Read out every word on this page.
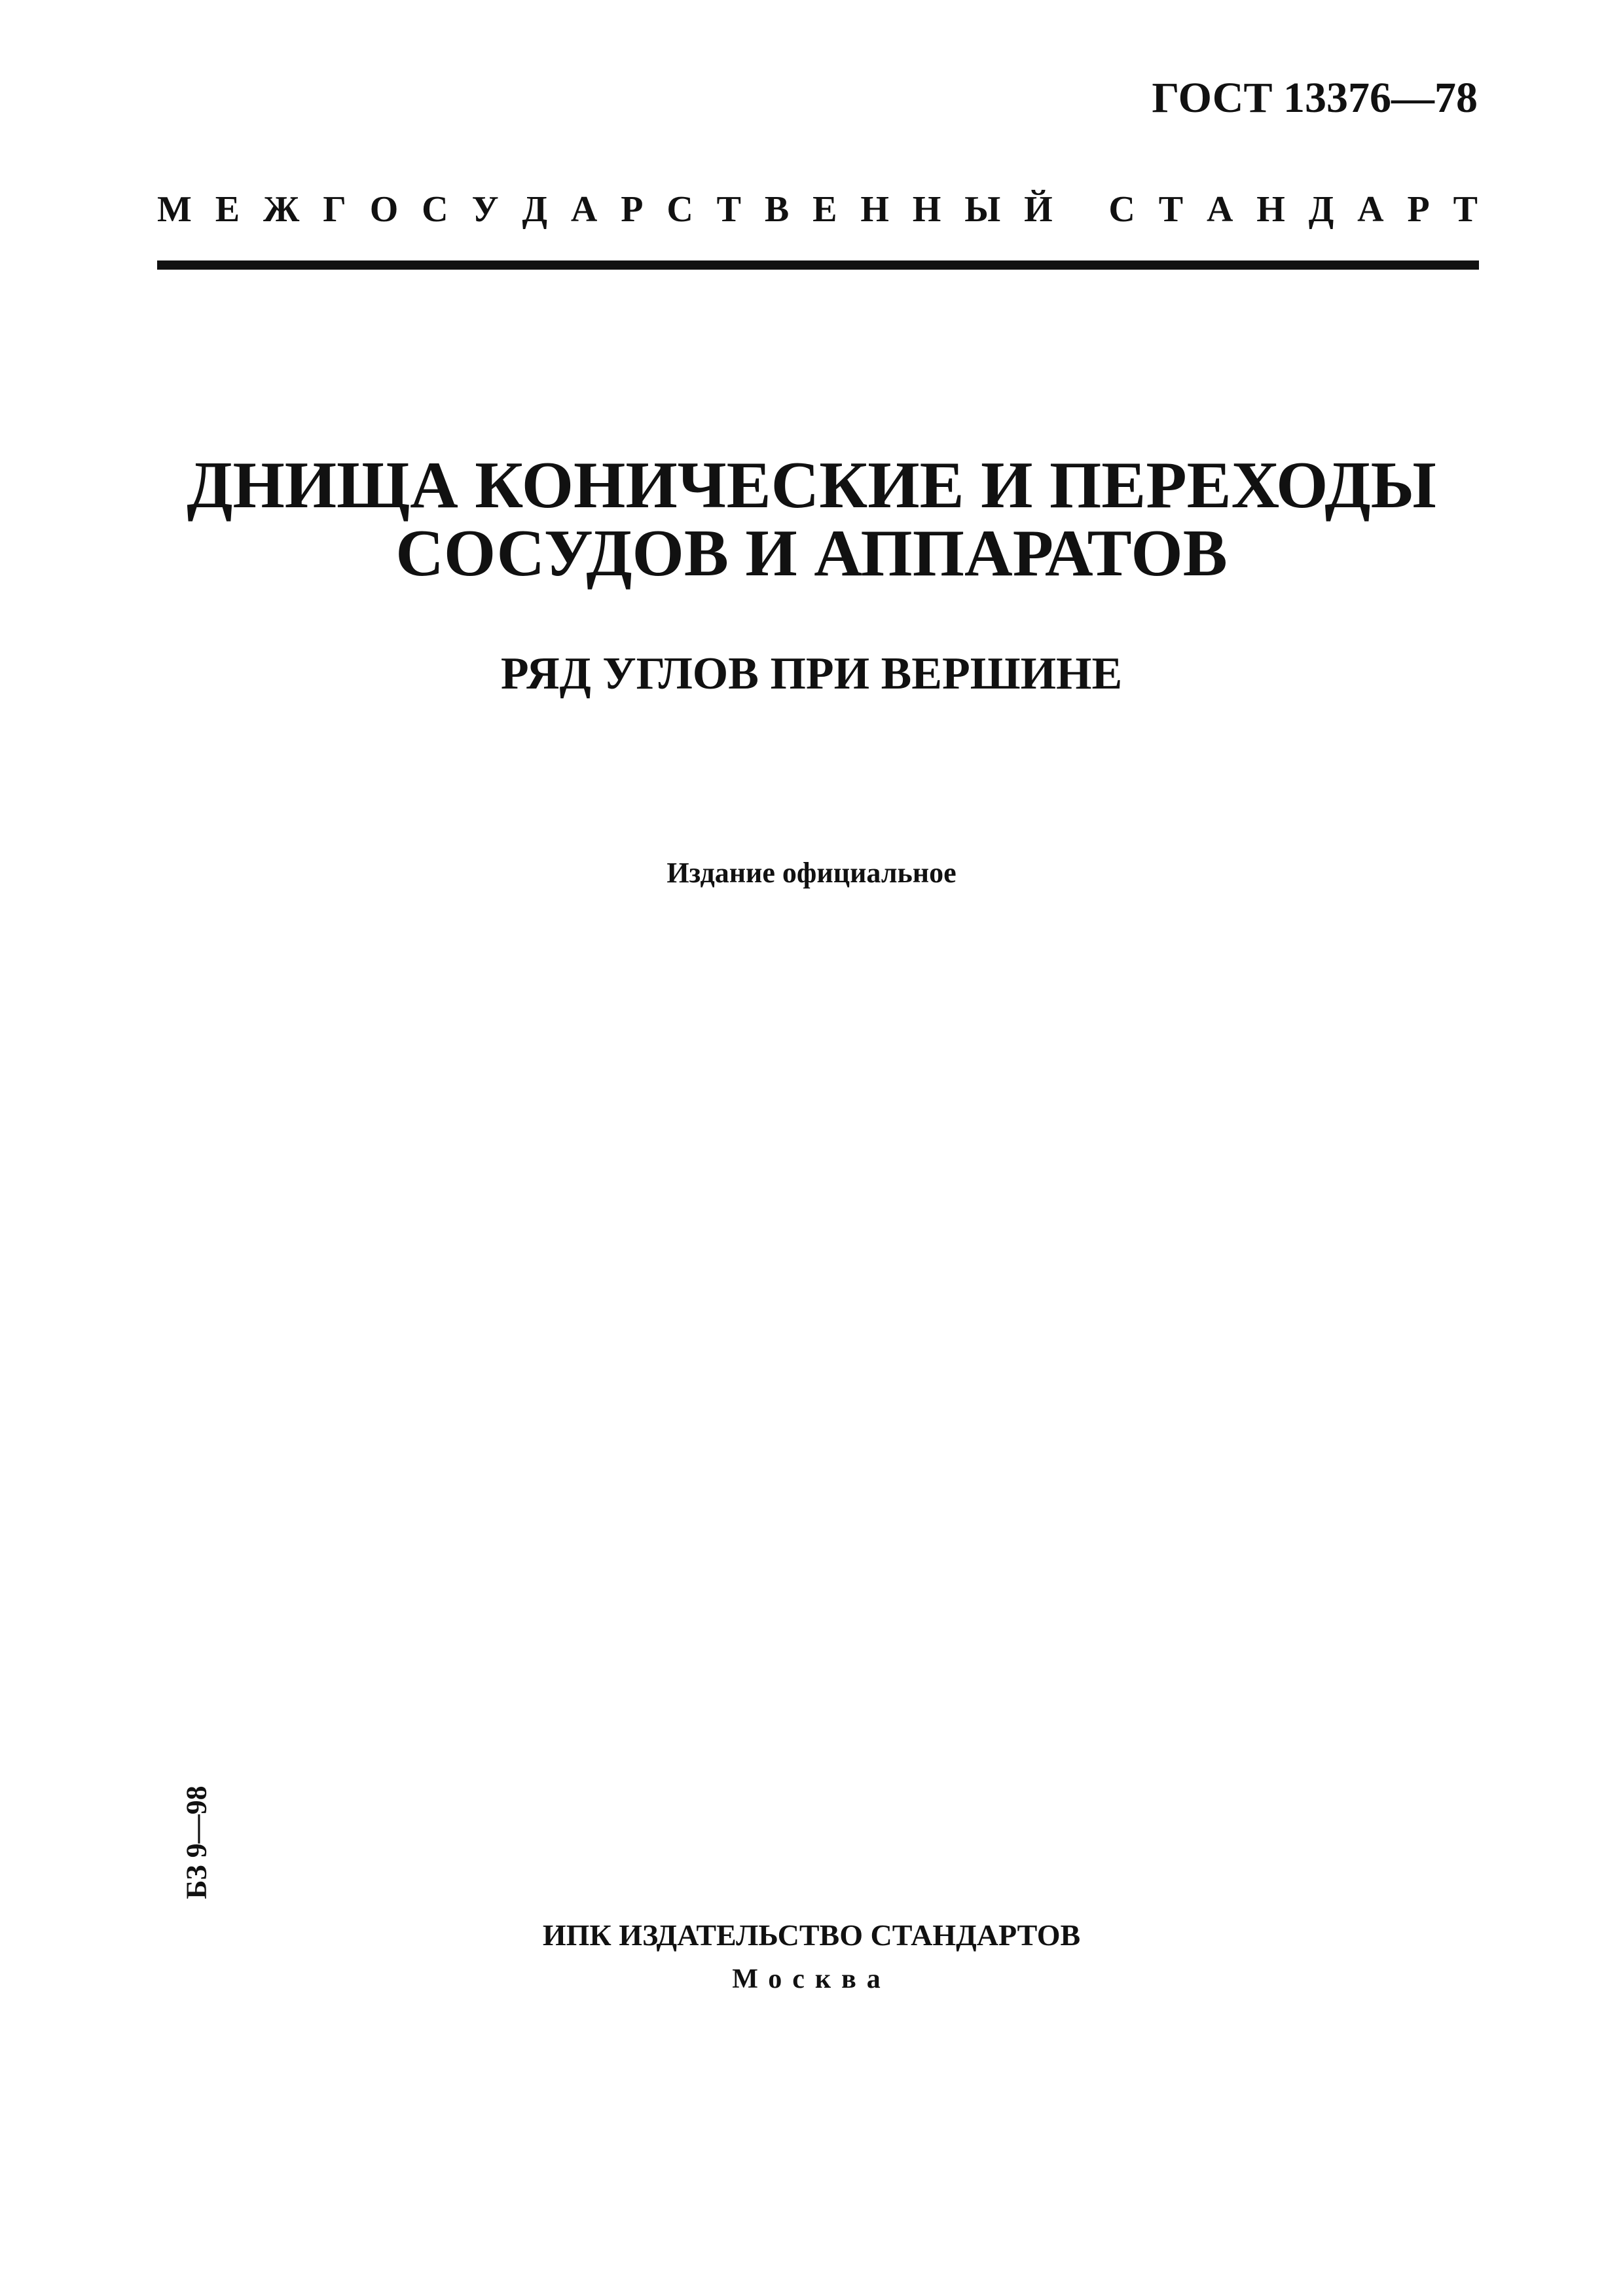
ГОСТ 13376—78
М Е Ж Г О С У Д А Р С Т В Е Н Н Ы Й
С Т А Н Д А Р Т
ДНИЩА КОНИЧЕСКИЕ И ПЕРЕХОДЫ
СОСУДОВ И АППАРАТОВ
РЯД УГЛОВ ПРИ ВЕРШИНЕ
Издание официальное
БЗ 9—98
ИПК ИЗДАТЕЛЬСТВО СТАНДАРТОВ
Москва
